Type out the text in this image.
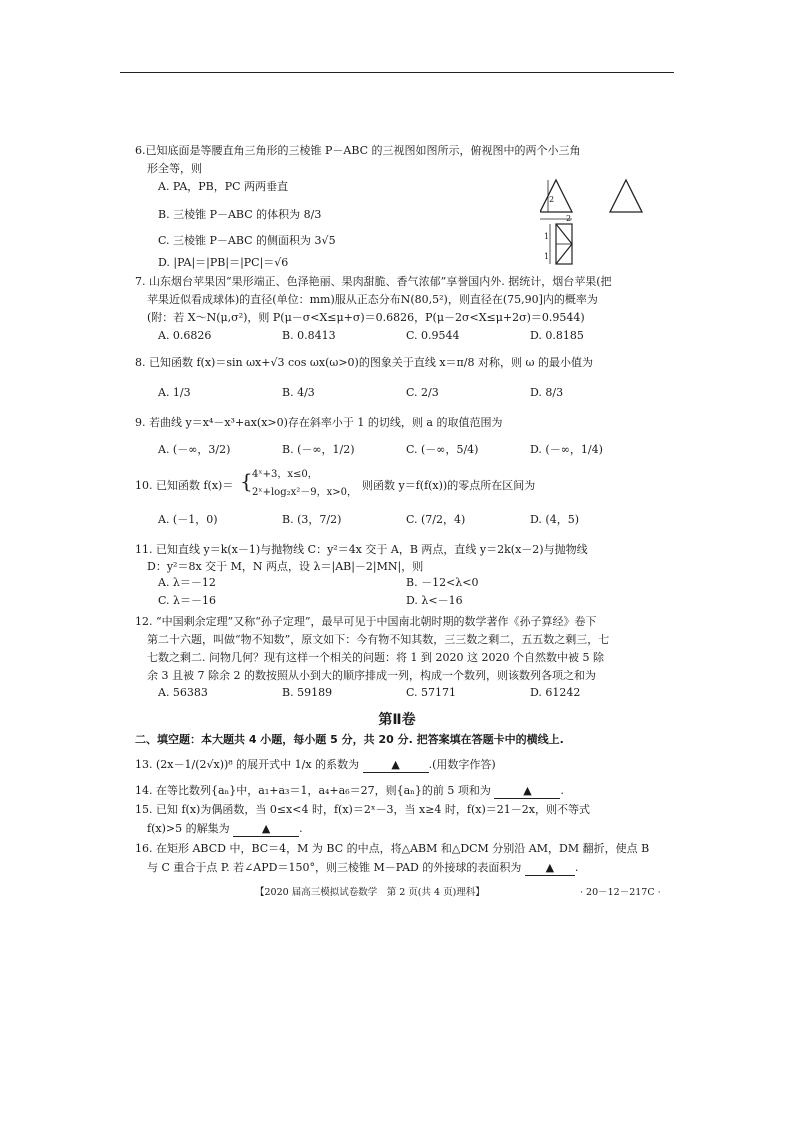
6.已知底面是等腰直角三角形的三棱锥 P－ABC 的三视图如图所示，俯视图中的两个小三角
形全等，则
A. PA，PB，PC 两两垂直
B. 三棱锥 P－ABC 的体积为 8/3
C. 三棱锥 P－ABC 的侧面积为 3√5
D. |PA|＝|PB|＝|PC|＝√6
2
2
1
1
7. 山东烟台苹果因“果形端正、色泽艳丽、果肉甜脆、香气浓郁”享誉国内外. 据统计，烟台苹果(把
苹果近似看成球体)的直径(单位：mm)服从正态分布N(80,5²)，则直径在(75,90]内的概率为
(附：若 X～N(μ,σ²)，则 P(μ－σ<X≤μ+σ)＝0.6826，P(μ－2σ<X≤μ+2σ)＝0.9544)
A. 0.6826	B. 0.8413	C. 0.9544	D. 0.8185
8. 已知函数 f(x)＝sin ωx+√3 cos ωx(ω>0)的图象关于直线 x＝π/8 对称，则 ω 的最小值为
A. 1/3	B. 4/3	C. 2/3	D. 8/3
9. 若曲线 y＝x⁴－x³+ax(x>0)存在斜率小于 1 的切线，则 a 的取值范围为
A. (－∞，3/2)	B. (－∞，1/2)	C. (－∞，5/4)	D. (－∞，1/4)
10. 已知函数 f(x)＝ { 4ˣ+3，x≤0，
2ˣ+log₂x²－9，x>0，
则函数 y＝f(f(x))的零点所在区间为
A. (－1，0)	B. (3，7/2)	C. (7/2，4)	D. (4，5)
11. 已知直线 y＝k(x－1)与抛物线 C：y²＝4x 交于 A，B 两点，直线 y＝2k(x－2)与抛物线
D：y²＝8x 交于 M，N 两点，设 λ＝|AB|－2|MN|，则
A. λ＝－12	B. －12<λ<0
C. λ＝－16	D. λ<－16
12. “中国剩余定理”又称“孙子定理”，最早可见于中国南北朝时期的数学著作《孙子算经》卷下
第二十六题，叫做“物不知数”，原文如下：今有物不知其数，三三数之剩二，五五数之剩三，七
七数之剩二. 问物几何？现有这样一个相关的问题：将 1 到 2020 这 2020 个自然数中被 5 除
余 3 且被 7 除余 2 的数按照从小到大的顺序排成一列，构成一个数列，则该数列各项之和为
A. 56383	B. 59189	C. 57171	D. 61242
第Ⅱ卷
二、填空题：本大题共 4 小题，每小题 5 分，共 20 分. 把答案填在答题卡中的横线上.
13. (2x－1/(2√x))⁸ 的展开式中 1/x 的系数为	▲	.(用数字作答)
14. 在等比数列{aₙ}中，a₁+a₃＝1，a₄+a₆＝27，则{aₙ}的前 5 项和为	▲	.
15. 已知 f(x)为偶函数，当 0≤x<4 时，f(x)＝2ˣ－3，当 x≥4 时，f(x)＝21－2x，则不等式
f(x)>5 的解集为	▲	.
16. 在矩形 ABCD 中，BC＝4，M 为 BC 的中点，将△ABM 和△DCM 分别沿 AM，DM 翻折，使点 B
与 C 重合于点 P. 若∠APD＝150°，则三棱锥 M－PAD 的外接球的表面积为 ▲ .
【2020 届高三模拟试卷数学　第 2 页(共 4 页)理科】	· 20－12－217C ·
